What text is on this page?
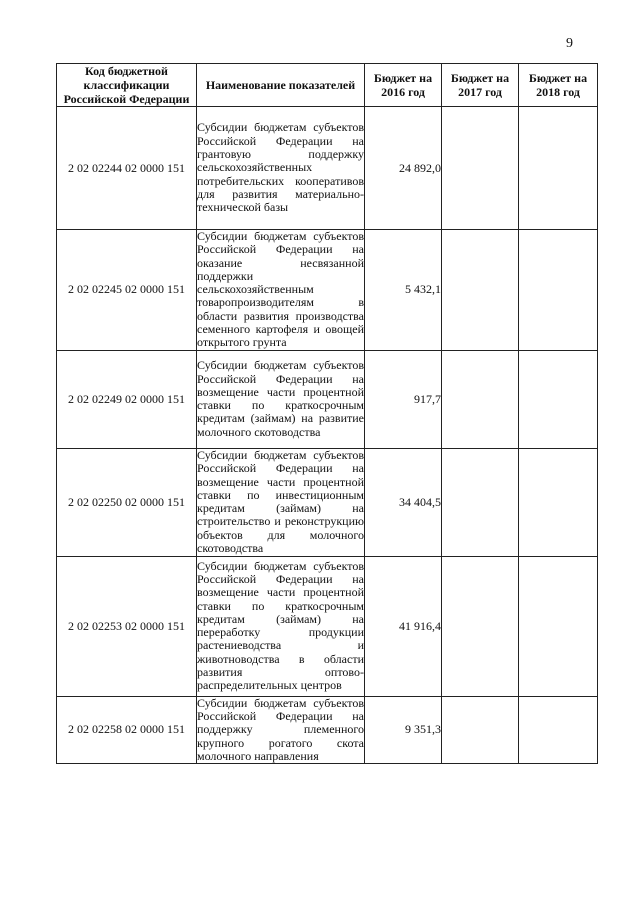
9
Код бюджетной классификации Российской Федерации	Наименование показателей	Бюджет на 2016 год	Бюджет на 2017 год	Бюджет на 2018 год
2 02 02244 02 0000 151	Субсидии бюджетам субъектов Российской Федерации на грантовую поддержку сельскохозяйственных потребительских кооперативов для развития материально-технической базы	24 892,0		
2 02 02245 02 0000 151	Субсидии бюджетам субъектов Российской Федерации на оказание несвязанной поддержки сельскохозяйственным товаропроизводителям в области развития производства семенного картофеля и овощей открытого грунта	5 432,1		
2 02 02249 02 0000 151	Субсидии бюджетам субъектов Российской Федерации на возмещение части процентной ставки по краткосрочным кредитам (займам) на развитие молочного скотоводства	917,7		
2 02 02250 02 0000 151	Субсидии бюджетам субъектов Российской Федерации на возмещение части процентной ставки по инвестиционным кредитам (займам) на строительство и реконструкцию объектов для молочного скотоводства	34 404,5		
2 02 02253 02 0000 151	Субсидии бюджетам субъектов Российской Федерации на возмещение части процентной ставки по краткосрочным кредитам (займам) на переработку продукции растениеводства и животноводства в области развития оптово-распределительных центров	41 916,4		
2 02 02258 02 0000 151	Субсидии бюджетам субъектов Российской Федерации на поддержку племенного крупного рогатого скота молочного направления	9 351,3		
